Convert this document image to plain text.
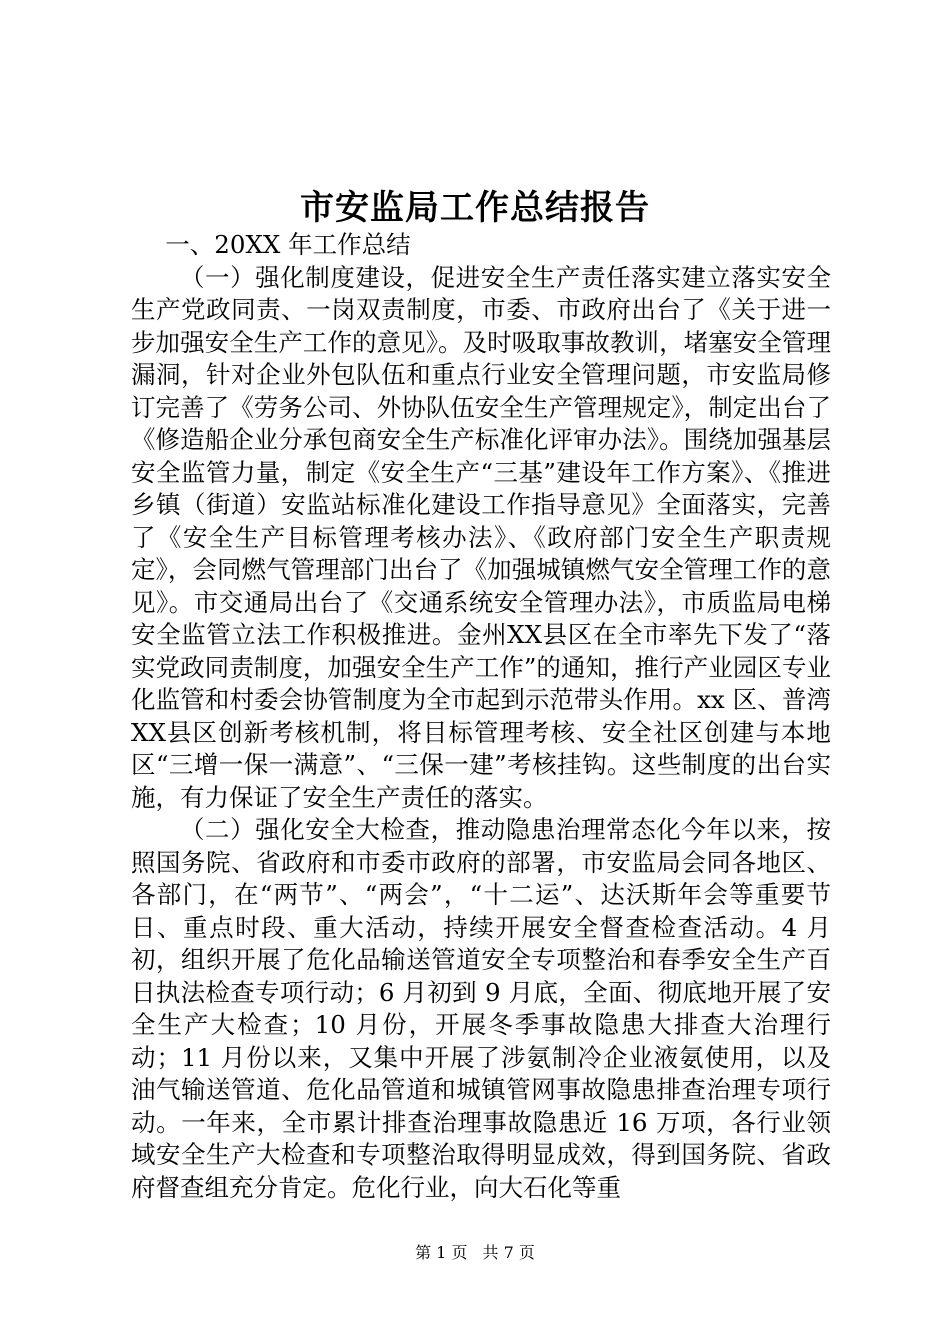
市安监局工作总结报告

一、20XX 年工作总结

（一）强化制度建设，促进安全生产责任落实建立落实安全生产党政同责、一岗双责制度，市委、市政府出台了《关于进一步加强安全生产工作的意见》。及时吸取事故教训，堵塞安全管理漏洞，针对企业外包队伍和重点行业安全管理问题，市安监局修订完善了《劳务公司、外协队伍安全生产管理规定》，制定出台了《修造船企业分承包商安全生产标准化评审办法》。围绕加强基层安全监管力量，制定《安全生产“三基”建设年工作方案》、《推进乡镇（街道）安监站标准化建设工作指导意见》全面落实，完善了《安全生产目标管理考核办法》、《政府部门安全生产职责规定》，会同燃气管理部门出台了《加强城镇燃气安全管理工作的意见》。市交通局出台了《交通系统安全管理办法》，市质监局电梯安全监管立法工作积极推进。金州XX县区在全市率先下发了“落实党政同责制度，加强安全生产工作”的通知，推行产业园区专业化监管和村委会协管制度为全市起到示范带头作用。xx 区、普湾XX县区创新考核机制，将目标管理考核、安全社区创建与本地区“三增一保一满意”、“三保一建”考核挂钩。这些制度的出台实施，有力保证了安全生产责任的落实。

（二）强化安全大检查，推动隐患治理常态化今年以来，按照国务院、省政府和市委市政府的部署，市安监局会同各地区、各部门，在“两节”、“两会”，“十二运”、达沃斯年会等重要节日、重点时段、重大活动，持续开展安全督查检查活动。4 月初，组织开展了危化品输送管道安全专项整治和春季安全生产百日执法检查专项行动；6 月初到 9 月底，全面、彻底地开展了安全生产大检查；10 月份，开展冬季事故隐患大排查大治理行动；11 月份以来，又集中开展了涉氨制冷企业液氨使用，以及油气输送管道、危化品管道和城镇管网事故隐患排查治理专项行动。一年来，全市累计排查治理事故隐患近 16 万项，各行业领域安全生产大检查和专项整治取得明显成效，得到国务院、省政府督查组充分肯定。危化行业，向大石化等重

第 1 页 共 7 页
